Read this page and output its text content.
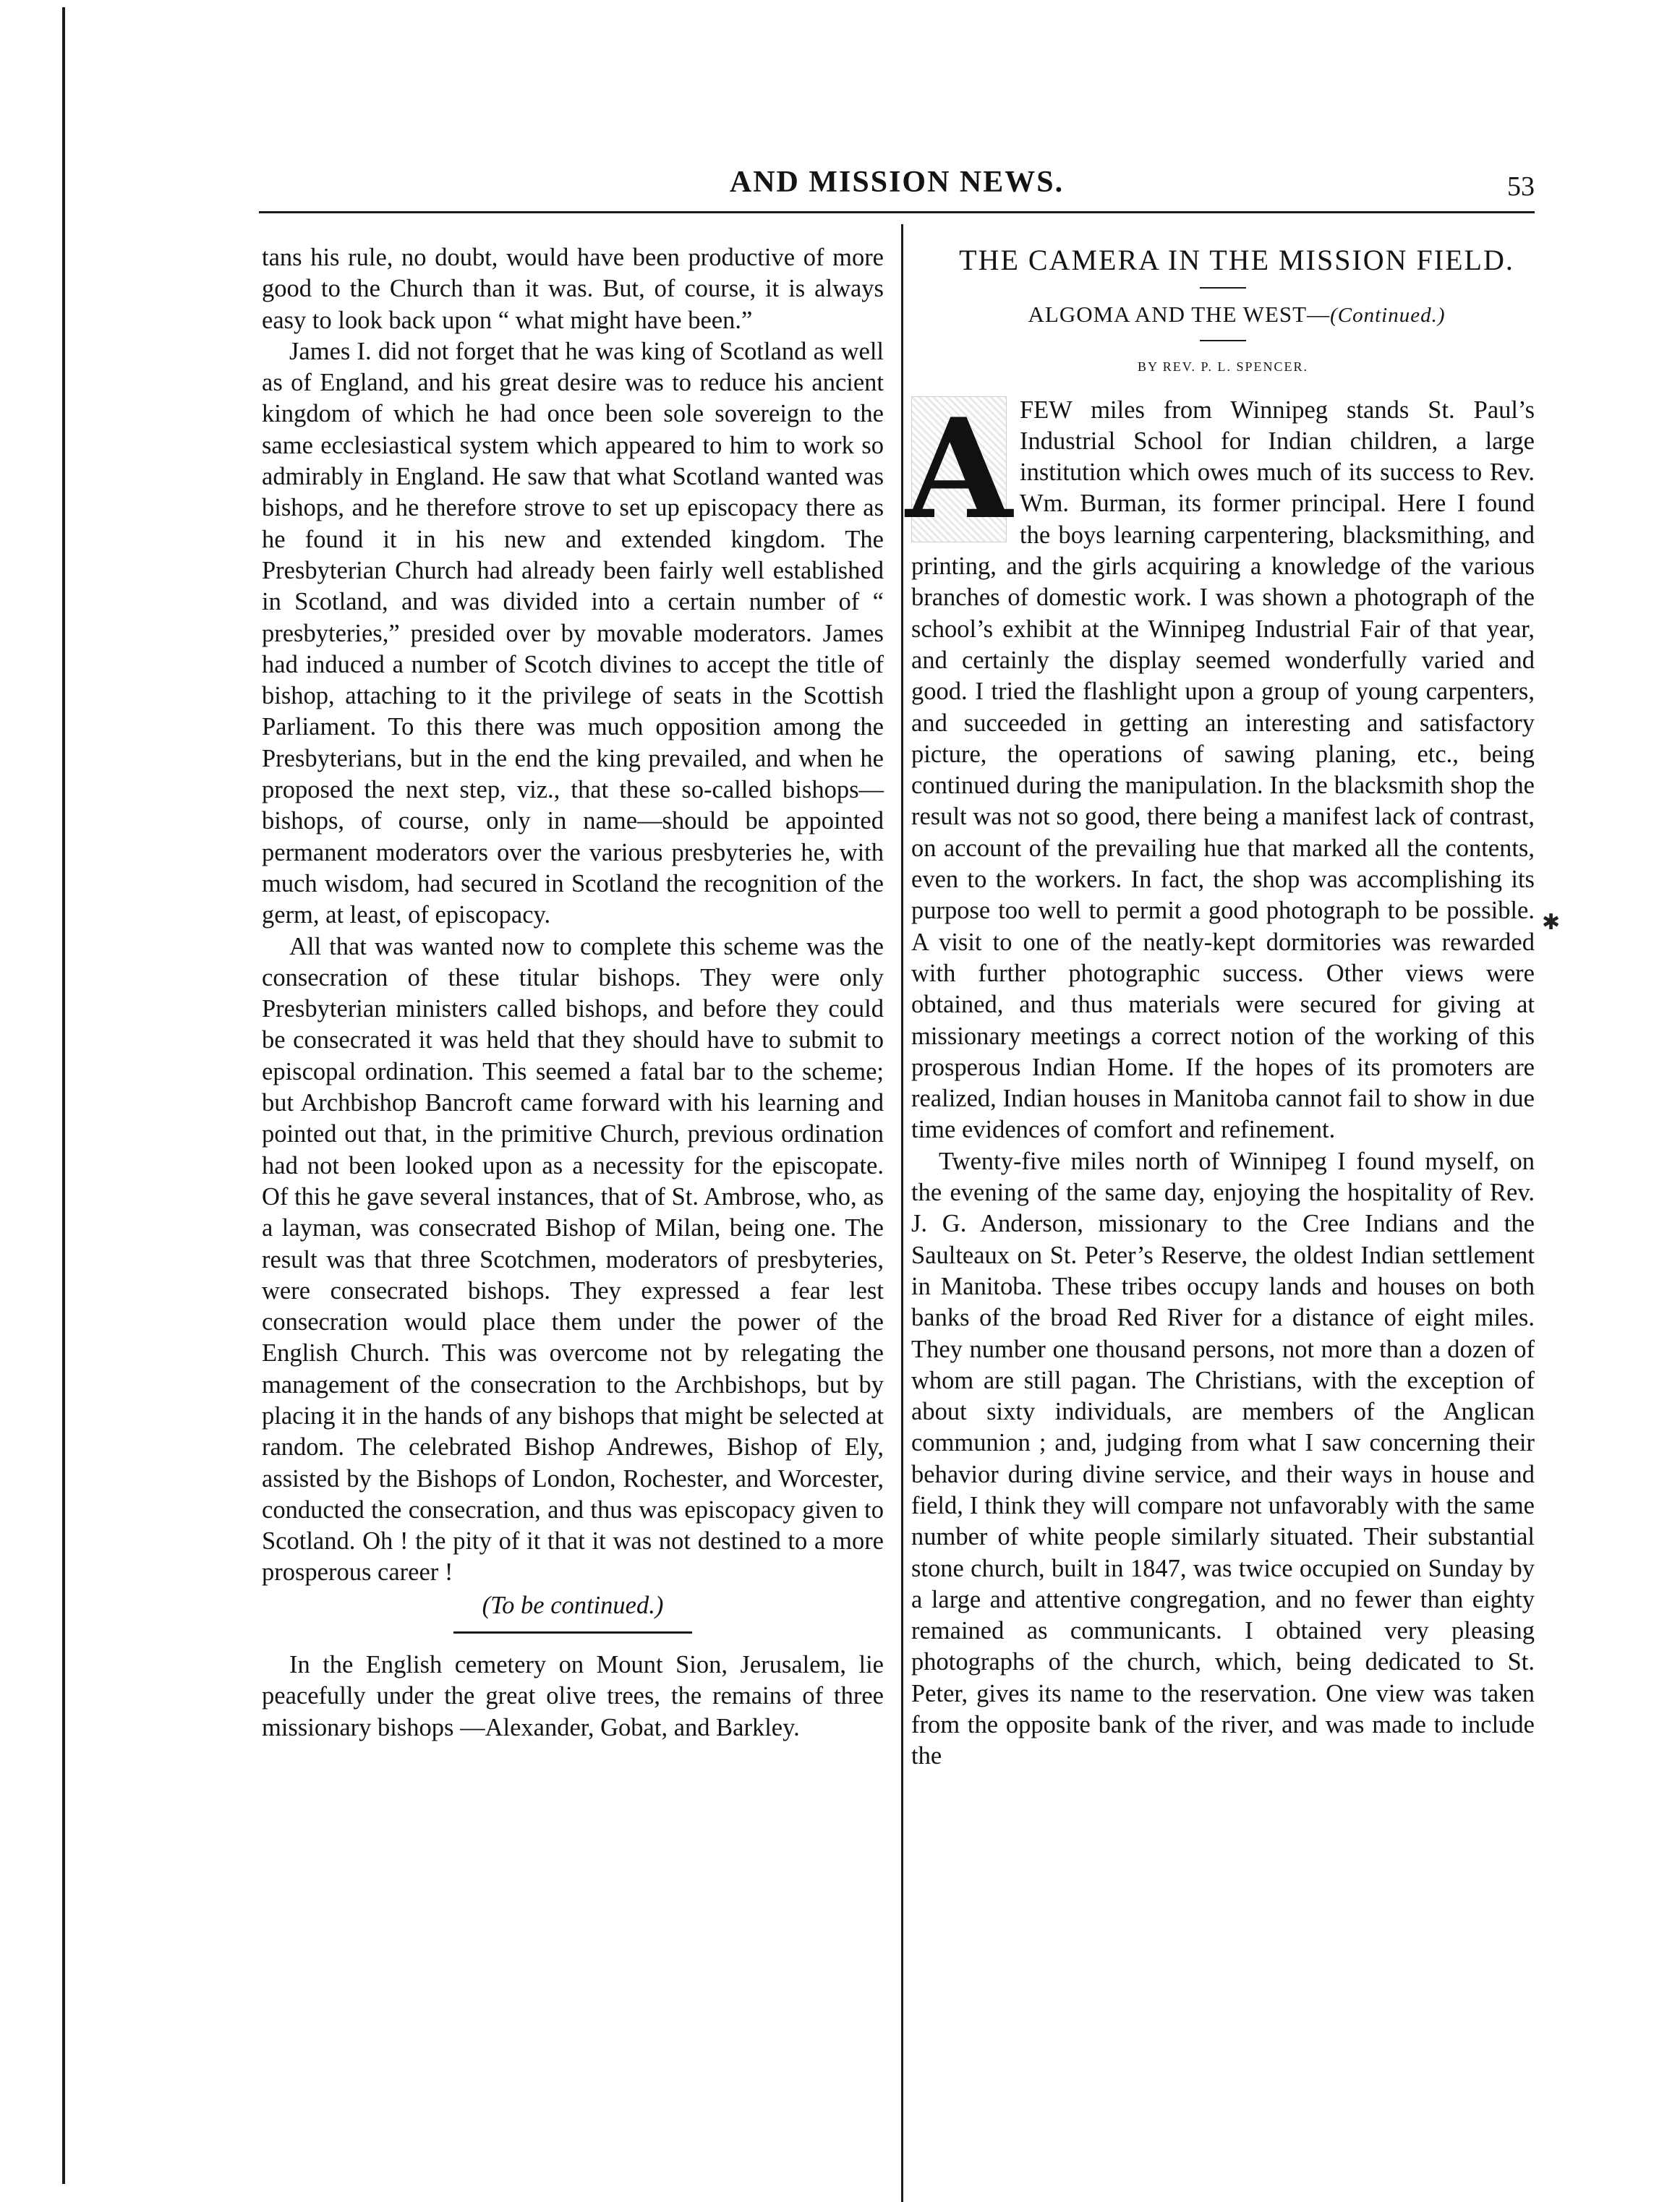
AND MISSION NEWS.	53

tans his rule, no doubt, would have been productive of more good to the Church than it was. But, of course, it is always easy to look back upon “ what might have been.”

James I. did not forget that he was king of Scotland as well as of England, and his great desire was to reduce his ancient kingdom of which he had once been sole sovereign to the same ecclesiastical system which appeared to him to work so admirably in England. He saw that what Scotland wanted was bishops, and he therefore strove to set up episcopacy there as he found it in his new and extended kingdom. The Presbyterian Church had already been fairly well established in Scotland, and was divided into a certain number of “ presbyteries,” presided over by movable moderators. James had induced a number of Scotch divines to accept the title of bishop, attaching to it the privilege of seats in the Scottish Parliament. To this there was much opposition among the Presbyterians, but in the end the king prevailed, and when he proposed the next step, viz., that these so-called bishops—bishops, of course, only in name—should be appointed permanent moderators over the various presbyteries he, with much wisdom, had secured in Scotland the recognition of the germ, at least, of episcopacy.

All that was wanted now to complete this scheme was the consecration of these titular bishops. They were only Presbyterian ministers called bishops, and before they could be consecrated it was held that they should have to submit to episcopal ordination. This seemed a fatal bar to the scheme; but Archbishop Bancroft came forward with his learning and pointed out that, in the primitive Church, previous ordination had not been looked upon as a necessity for the episcopate. Of this he gave several instances, that of St. Ambrose, who, as a layman, was consecrated Bishop of Milan, being one. The result was that three Scotchmen, moderators of presbyteries, were consecrated bishops. They expressed a fear lest consecration would place them under the power of the English Church. This was overcome not by relegating the management of the consecration to the Archbishops, but by placing it in the hands of any bishops that might be selected at random. The celebrated Bishop Andrewes, Bishop of Ely, assisted by the Bishops of London, Rochester, and Worcester, conducted the consecration, and thus was episcopacy given to Scotland. Oh ! the pity of it that it was not destined to a more prosperous career !

(To be continued.)

In the English cemetery on Mount Sion, Jerusalem, lie peacefully under the great olive trees, the remains of three missionary bishops —Alexander, Gobat, and Barkley.

THE CAMERA IN THE MISSION FIELD.

ALGOMA AND THE WEST—(Continued.)

BY REV. P. L. SPENCER.
A FEW miles from Winnipeg stands St. Paul’s Industrial School for Indian children, a large institution which owes much of its success to Rev. Wm. Burman, its former principal. Here I found the boys learning carpentering, blacksmithing, and printing, and the girls acquiring a knowledge of the various branches of domestic work. I was shown a photograph of the school’s exhibit at the Winnipeg Industrial Fair of that year, and certainly the display seemed wonderfully varied and good. I tried the flashlight upon a group of young carpenters, and succeeded in getting an interesting and satisfactory picture, the operations of sawing planing, etc., being continued during the manipulation. In the blacksmith shop the result was not so good, there being a manifest lack of contrast, on account of the prevailing hue that marked all the contents, even to the workers. In fact, the shop was accomplishing its purpose too well to permit a good photograph to be possible. A visit to one of the neatly-kept dormitories was rewarded with further photographic success. Other views were obtained, and thus materials were secured for giving at missionary meetings a correct notion of the working of this prosperous Indian Home. If the hopes of its promoters are realized, Indian houses in Manitoba cannot fail to show in due time evidences of comfort and refinement.

Twenty-five miles north of Winnipeg I found myself, on the evening of the same day, enjoying the hospitality of Rev. J. G. Anderson, missionary to the Cree Indians and the Saulteaux on St. Peter’s Reserve, the oldest Indian settlement in Manitoba. These tribes occupy lands and houses on both banks of the broad Red River for a distance of eight miles. They number one thousand persons, not more than a dozen of whom are still pagan. The Christians, with the exception of about sixty individuals, are members of the Anglican communion ; and, judging from what I saw concerning their behavior during divine service, and their ways in house and field, I think they will compare not unfavorably with the same number of white people similarly situated. Their substantial stone church, built in 1847, was twice occupied on Sunday by a large and attentive congregation, and no fewer than eighty remained as communicants. I obtained very pleasing photographs of the church, which, being dedicated to St. Peter, gives its name to the reservation. One view was taken from the opposite bank of the river, and was made to include the

✱
